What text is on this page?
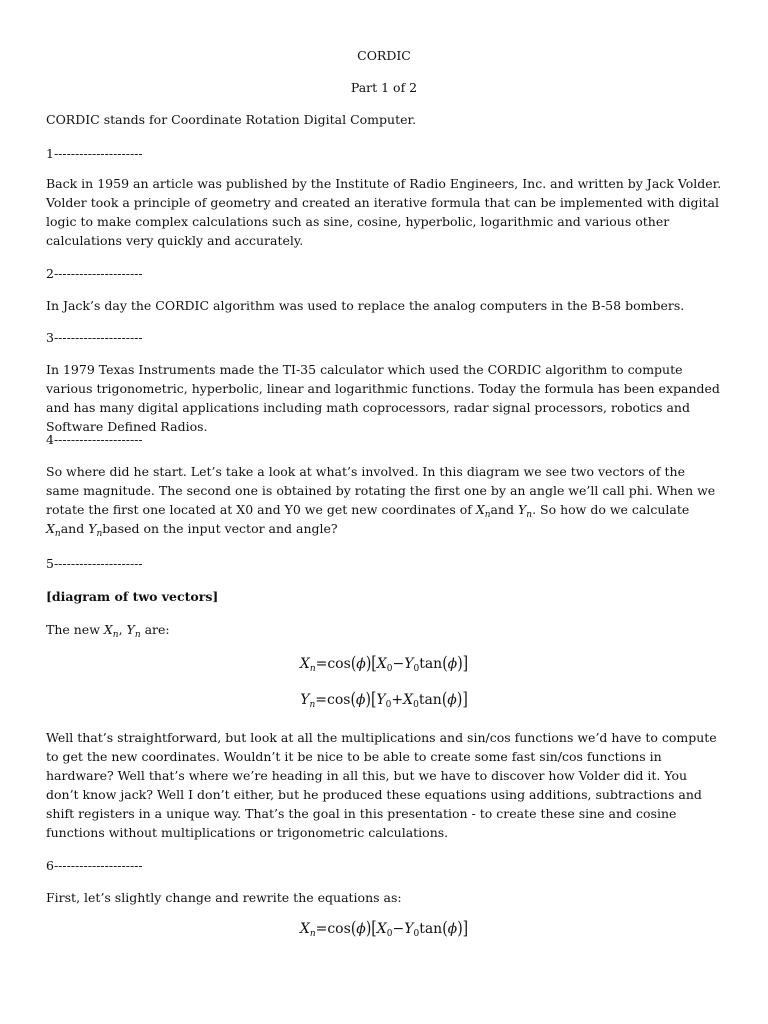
CORDIC

Part 1 of 2

CORDIC stands for Coordinate Rotation Digital Computer.

1---------------------

Back in 1959 an article was published by the Institute of Radio Engineers, Inc. and written by Jack Volder. Volder took a principle of geometry and created an iterative formula that can be implemented with digital logic to make complex calculations such as sine, cosine, hyperbolic, logarithmic and various other calculations very quickly and accurately.

2---------------------

In Jack’s day the CORDIC algorithm was used to replace the analog computers in the B-58 bombers.

3---------------------

In 1979 Texas Instruments made the TI-35 calculator which used the CORDIC algorithm to compute various trigonometric, hyperbolic, linear and logarithmic functions. Today the formula has been expanded and has many digital applications including math coprocessors, radar signal processors, robotics and Software Defined Radios.

4---------------------

So where did he start. Let’s take a look at what’s involved. In this diagram we see two vectors of the same magnitude. The second one is obtained by rotating the first one by an angle we’ll call phi. When we rotate the first one located at X0 and Y0 we get new coordinates of $X_nand$ $Y_n$. So how do we calculate $X_nand$ $Y_nbased$ on the input vector and angle?

5---------------------

[diagram of two vectors]

The new $X_n$, $Y_n$ are:

$X_n=\cos(\phi)[X_0-Y_0\tan(\phi)]$

$Y_n=\cos(\phi)[Y_0+X_0\tan(\phi)]$

Well that’s straightforward, but look at all the multiplications and sin/cos functions we’d have to compute to get the new coordinates. Wouldn’t it be nice to be able to create some fast sin/cos functions in hardware? Well that’s where we’re heading in all this, but we have to discover how Volder did it. You don’t know jack? Well I don’t either, but he produced these equations using additions, subtractions and shift registers in a unique way. That’s the goal in this presentation - to create these sine and cosine functions without multiplications or trigonometric calculations.

6---------------------

First, let’s slightly change and rewrite the equations as:

$X_n=\cos(\phi)[X_0-Y_0\tan(\phi)]$
